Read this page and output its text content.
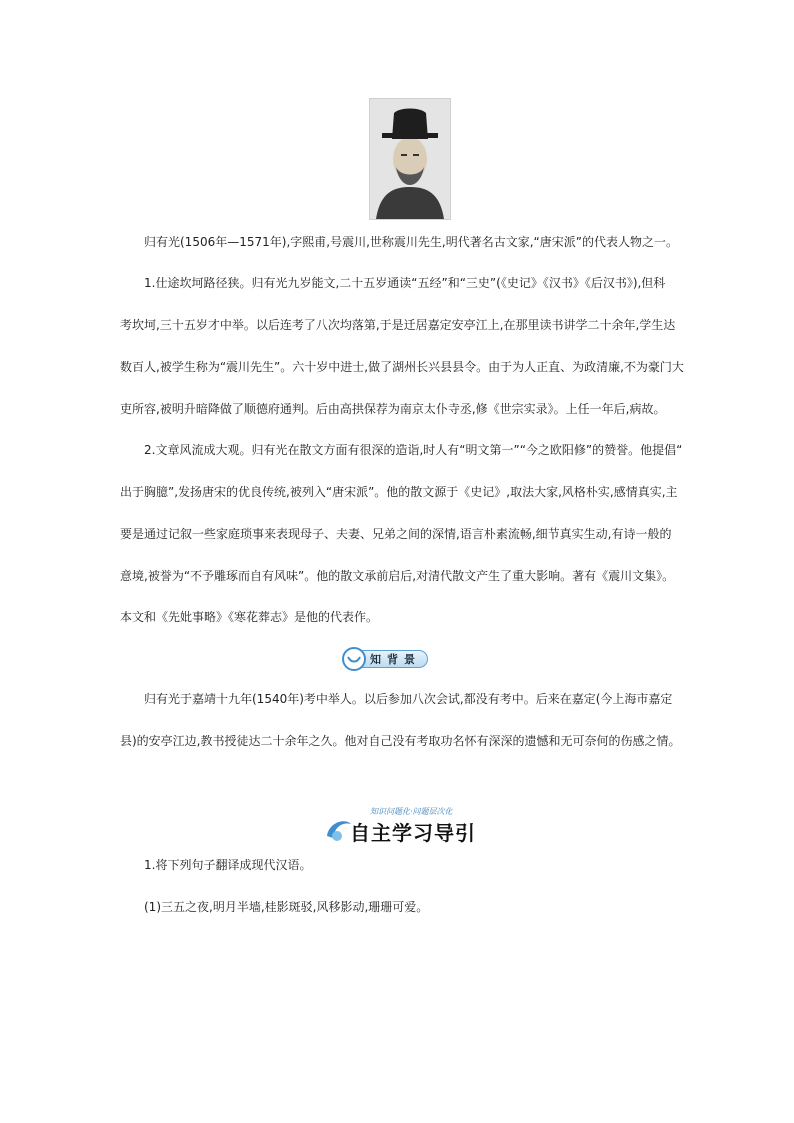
归有光(1506年—1571年),字熙甫,号震川,世称震川先生,明代著名古文家,“唐宋派”的代表人物之一。

1.仕途坎坷路径狭。归有光九岁能文,二十五岁通读“五经”和“三史”(《史记》《汉书》《后汉书》),但科

考坎坷,三十五岁才中举。以后连考了八次均落第,于是迁居嘉定安亭江上,在那里读书讲学二十余年,学生达

数百人,被学生称为“震川先生”。六十岁中进士,做了湖州长兴县县令。由于为人正直、为政清廉,不为豪门大

吏所容,被明升暗降做了顺德府通判。后由高拱保荐为南京太仆寺丞,修《世宗实录》。上任一年后,病故。

2.文章风流成大观。归有光在散文方面有很深的造诣,时人有“明文第一”“今之欧阳修”的赞誉。他提倡“

出于胸臆”,发扬唐宋的优良传统,被列入“唐宋派”。他的散文源于《史记》,取法大家,风格朴实,感情真实,主

要是通过记叙一些家庭琐事来表现母子、夫妻、兄弟之间的深情,语言朴素流畅,细节真实生动,有诗一般的

意境,被誉为“不予雕琢而自有风味”。他的散文承前启后,对清代散文产生了重大影响。著有《震川文集》。

本文和《先妣事略》《寒花葬志》是他的代表作。

知背景

归有光于嘉靖十九年(1540年)考中举人。以后参加八次会试,都没有考中。后来在嘉定(今上海市嘉定

县)的安亭江边,教书授徒达二十余年之久。他对自己没有考取功名怀有深深的遗憾和无可奈何的伤感之情。

知识问题化·问题层次化
自主学习导引

1.将下列句子翻译成现代汉语。

(1)三五之夜,明月半墙,桂影斑驳,风移影动,珊珊可爱。
